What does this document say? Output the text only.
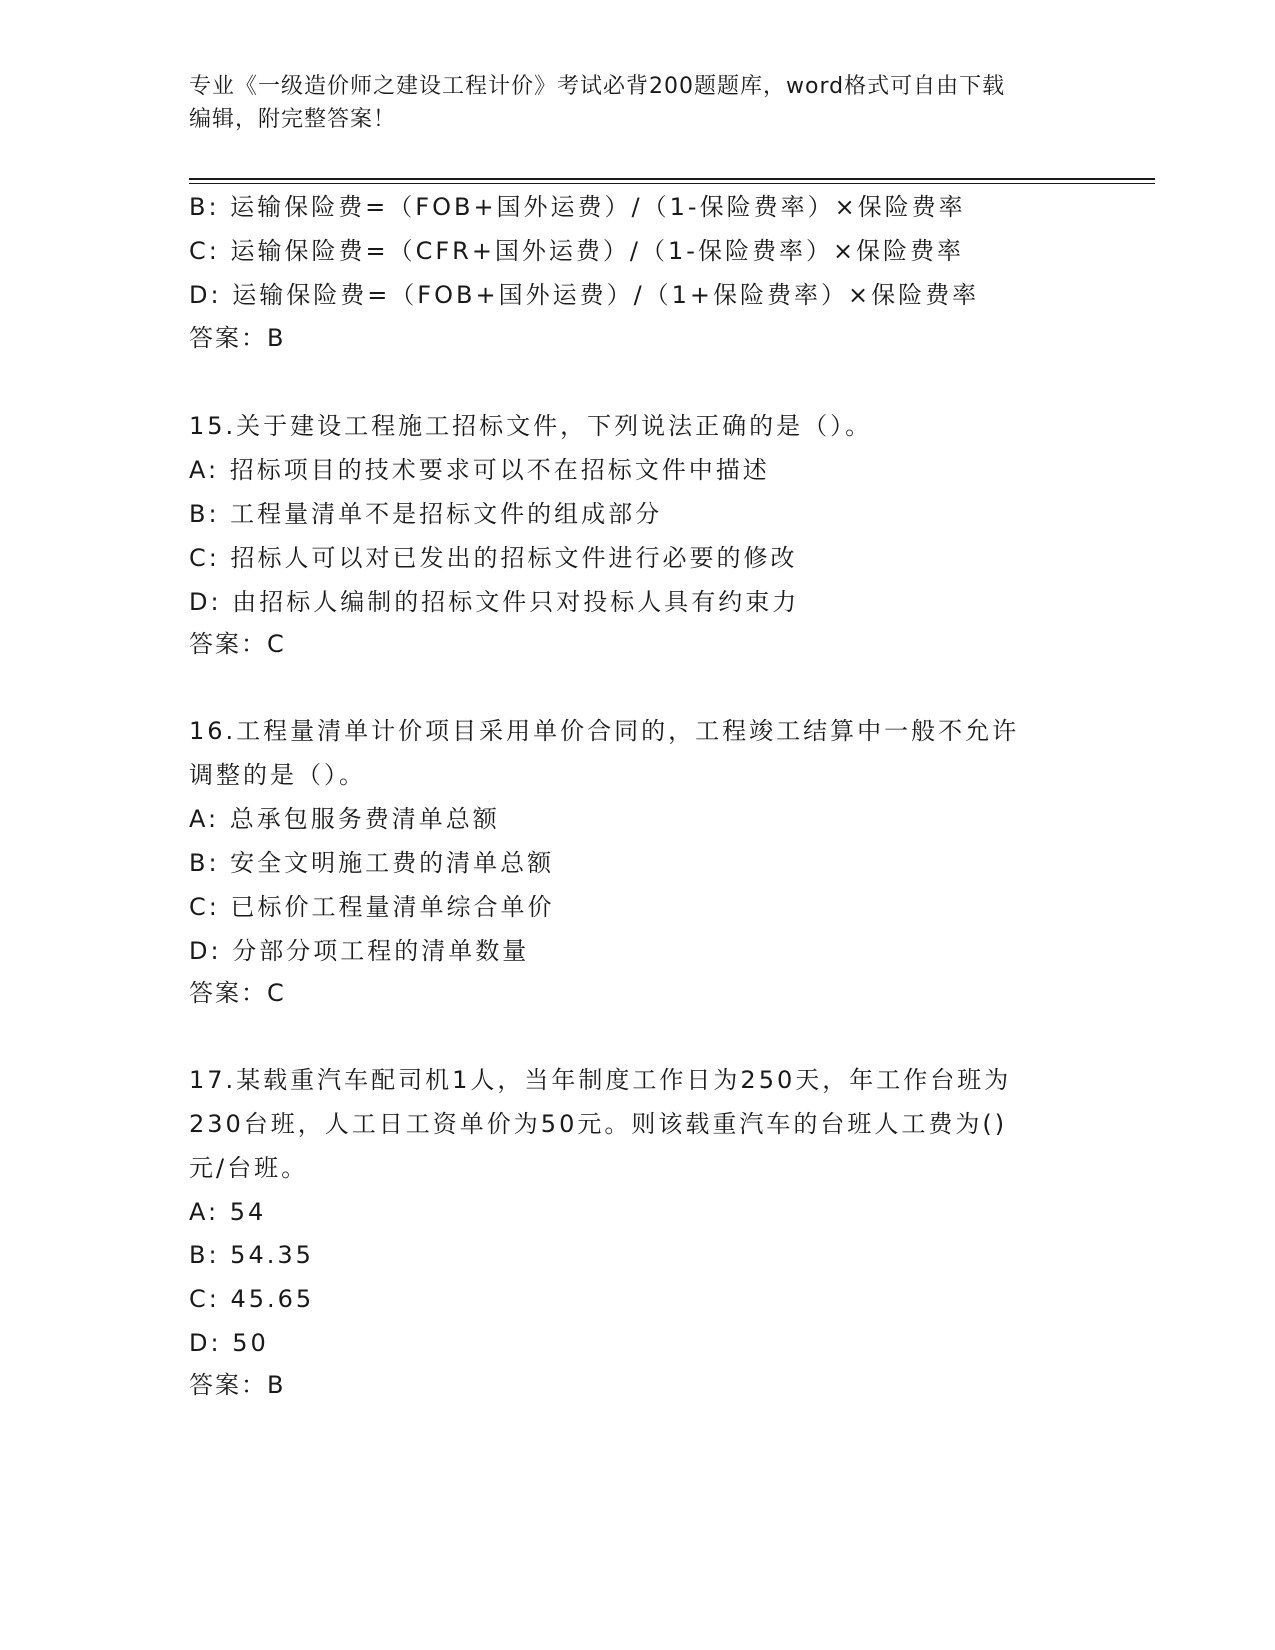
专业《一级造价师之建设工程计价》考试必背200题题库，word格式可自由下载
编辑，附完整答案！
B: 运输保险费=（FOB+国外运费）/（1-保险费率）×保险费率
C: 运输保险费=（CFR+国外运费）/（1-保险费率）×保险费率
D: 运输保险费=（FOB+国外运费）/（1+保险费率）×保险费率
答案：B
15.关于建设工程施工招标文件，下列说法正确的是（）。
A: 招标项目的技术要求可以不在招标文件中描述
B: 工程量清单不是招标文件的组成部分
C: 招标人可以对已发出的招标文件进行必要的修改
D: 由招标人编制的招标文件只对投标人具有约束力
答案：C
16.工程量清单计价项目采用单价合同的，工程竣工结算中一般不允许
调整的是（）。
A: 总承包服务费清单总额
B: 安全文明施工费的清单总额
C: 已标价工程量清单综合单价
D: 分部分项工程的清单数量
答案：C
17.某载重汽车配司机1人，当年制度工作日为250天，年工作台班为
230台班，人工日工资单价为50元。则该载重汽车的台班人工费为()
元/台班。
A: 54
B: 54.35
C: 45.65
D: 50
答案：B
